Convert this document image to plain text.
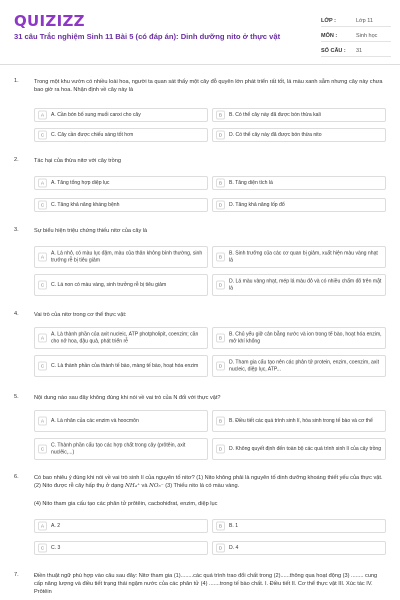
QUIZIZZ
31 câu Trắc nghiệm Sinh 11 Bài 5 (có đáp án): Dinh dưỡng nito ở thực vật
LỚP :	Lớp 11
MÔN :	Sinh học
SỐ CÂU :	31
1.	Trong một khu vườn có nhiều loài hoa, người ta quan sát thấy một cây đỗ quyên lớn phát triển rất tốt, lá màu xanh sẫm nhưng cây này chưa bao giờ ra hoa. Nhận định về cây này là
A	A. Cần bón bổ sung muối canxi cho cây	B	B. Có thể cây này đã được bón thừa kali
C	C. Cây cần được chiếu sáng tốt hơn	D	D. Có thể cây này đã được bón thừa nito
2.	Tác hại của thừa nitơ với cây trồng
A	A. Tăng tổng hợp diệp lục	B	B. Tăng diện tích lá
C	C. Tăng khả năng kháng bệnh	D	D. Tăng khả năng lốp đổ
3.	Sự biểu hiện triệu chứng thiếu nitơ của cây là
A
A. Lá nhỏ, có màu lục đậm, màu của thân không bình thường, sinh trưởng rễ bị tiêu giảm	B
B. Sinh trưởng của các cơ quan bị giảm, xuất hiện màu vàng nhạt lá
C	C. Lá non có màu vàng, sinh trưởng rễ bị tiêu giảm	D
D. Lá màu vàng nhạt, mép lá màu đỏ và có nhiều chấm đỏ trên mặt lá
4.	Vai trò của nitơ trong cơ thể thực vật:
A
A. Là thành phần của axit nucleic, ATP photpholipit, coenzim; cần cho nở hoa, đậu quả, phát triển rễ	B
B. Chủ yếu giữ cân bằng nước và ion trong tế bào, hoạt hóa enzim, mở khí khổng
C	C. Là thành phần của thành tế bào, màng tế bào, hoạt hóa enzim	D
D. Tham gia cấu tạo nên các phân tử protein, enzim, coenzim, axit nucleic, diệp lục, ATP...
5.	Nội dung nào sau đây không đúng khi nói về vai trò của N đối với thực vật?
A	A. Là nhân của các enzim và hoocmôn	B	B. Điều tiết các quá trình sinh lí, hóa sinh trong tế bào và cơ thể
C
C. Thành phần cấu tạo các hợp chất trong cây (prôtêin, axit nuclêic,...)	D	D. Không quyết định đến toàn bộ các quá trình sinh lí của cây trồng
6.	Có bao nhiêu ý đúng khi nói về vai trò sinh lí của nguyên tố nitơ? (1) Nito không phải là nguyên tố dinh dưỡng khoáng thiết yếu của thực vật. (2) Nito được rễ cây hấp thụ ở dạng NH₄⁺ và NO₃⁻ (3) Thiếu nito lá có màu vàng.
(4) Nito tham gia cấu tạo các phân tử prôtêin, cacbohiđrat, enzim, diệp lục
A	A. 2	B	B. 1
C	C. 3	D	D. 4
7.	Điền thuật ngữ phù hợp vào câu sau đây: Nitơ tham gia (1)........các quá trình trao đổi chất trong (2)......thông qua hoạt động (3) ........ cung cấp năng lượng và điều tiết trạng thái ngậm nước của các phân tử (4) .......trong tế bào chất. I. Điều tiết II. Cơ thể thực vật III. Xúc tác IV. Prôtêin
